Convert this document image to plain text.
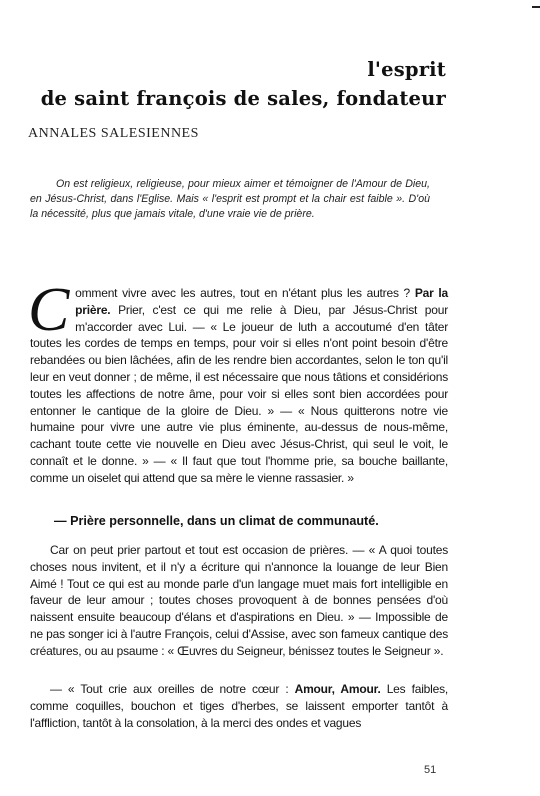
l'esprit
de saint françois de sales, fondateur
ANNALES SALESIENNES

On est religieux, religieuse, pour mieux aimer et témoigner de l'Amour de Dieu, en Jésus-Christ, dans l'Eglise. Mais « l'esprit est prompt et la chair est faible ». D'où la nécessité, plus que jamais vitale, d'une vraie vie de prière.

Comment vivre avec les autres, tout en n'étant plus les autres ? Par la prière. Prier, c'est ce qui me relie à Dieu, par Jésus-Christ pour m'accorder avec Lui. — « Le joueur de luth a accoutumé d'en tâter toutes les cordes de temps en temps, pour voir si elles n'ont point besoin d'être rebandées ou bien lâchées, afin de les rendre bien accordantes, selon le ton qu'il leur en veut donner ; de même, il est nécessaire que nous tâtions et considérions toutes les affections de notre âme, pour voir si elles sont bien accordées pour entonner le cantique de la gloire de Dieu. » — « Nous quitterons notre vie humaine pour vivre une autre vie plus éminente, au-dessus de nous-même, cachant toute cette vie nouvelle en Dieu avec Jésus-Christ, qui seul le voit, le connaît et le donne. » — « Il faut que tout l'homme prie, sa bouche baillante, comme un oiselet qui attend que sa mère le vienne rassasier. »

— Prière personnelle, dans un climat de communauté.

Car on peut prier partout et tout est occasion de prières. — « A quoi toutes choses nous invitent, et il n'y a écriture qui n'annonce la louange de leur Bien Aimé ! Tout ce qui est au monde parle d'un langage muet mais fort intelligible en faveur de leur amour ; toutes choses provoquent à de bonnes pensées d'où naissent ensuite beaucoup d'élans et d'aspirations en Dieu. » — Impossible de ne pas songer ici à l'autre François, celui d'Assise, avec son fameux cantique des créatures, ou au psaume : « Œuvres du Seigneur, bénissez toutes le Seigneur ».

— « Tout crie aux oreilles de notre cœur : Amour, Amour. Les faibles, comme coquilles, bouchon et tiges d'herbes, se laissent emporter tantôt à l'affliction, tantôt à la consolation, à la merci des ondes et vagues

51
